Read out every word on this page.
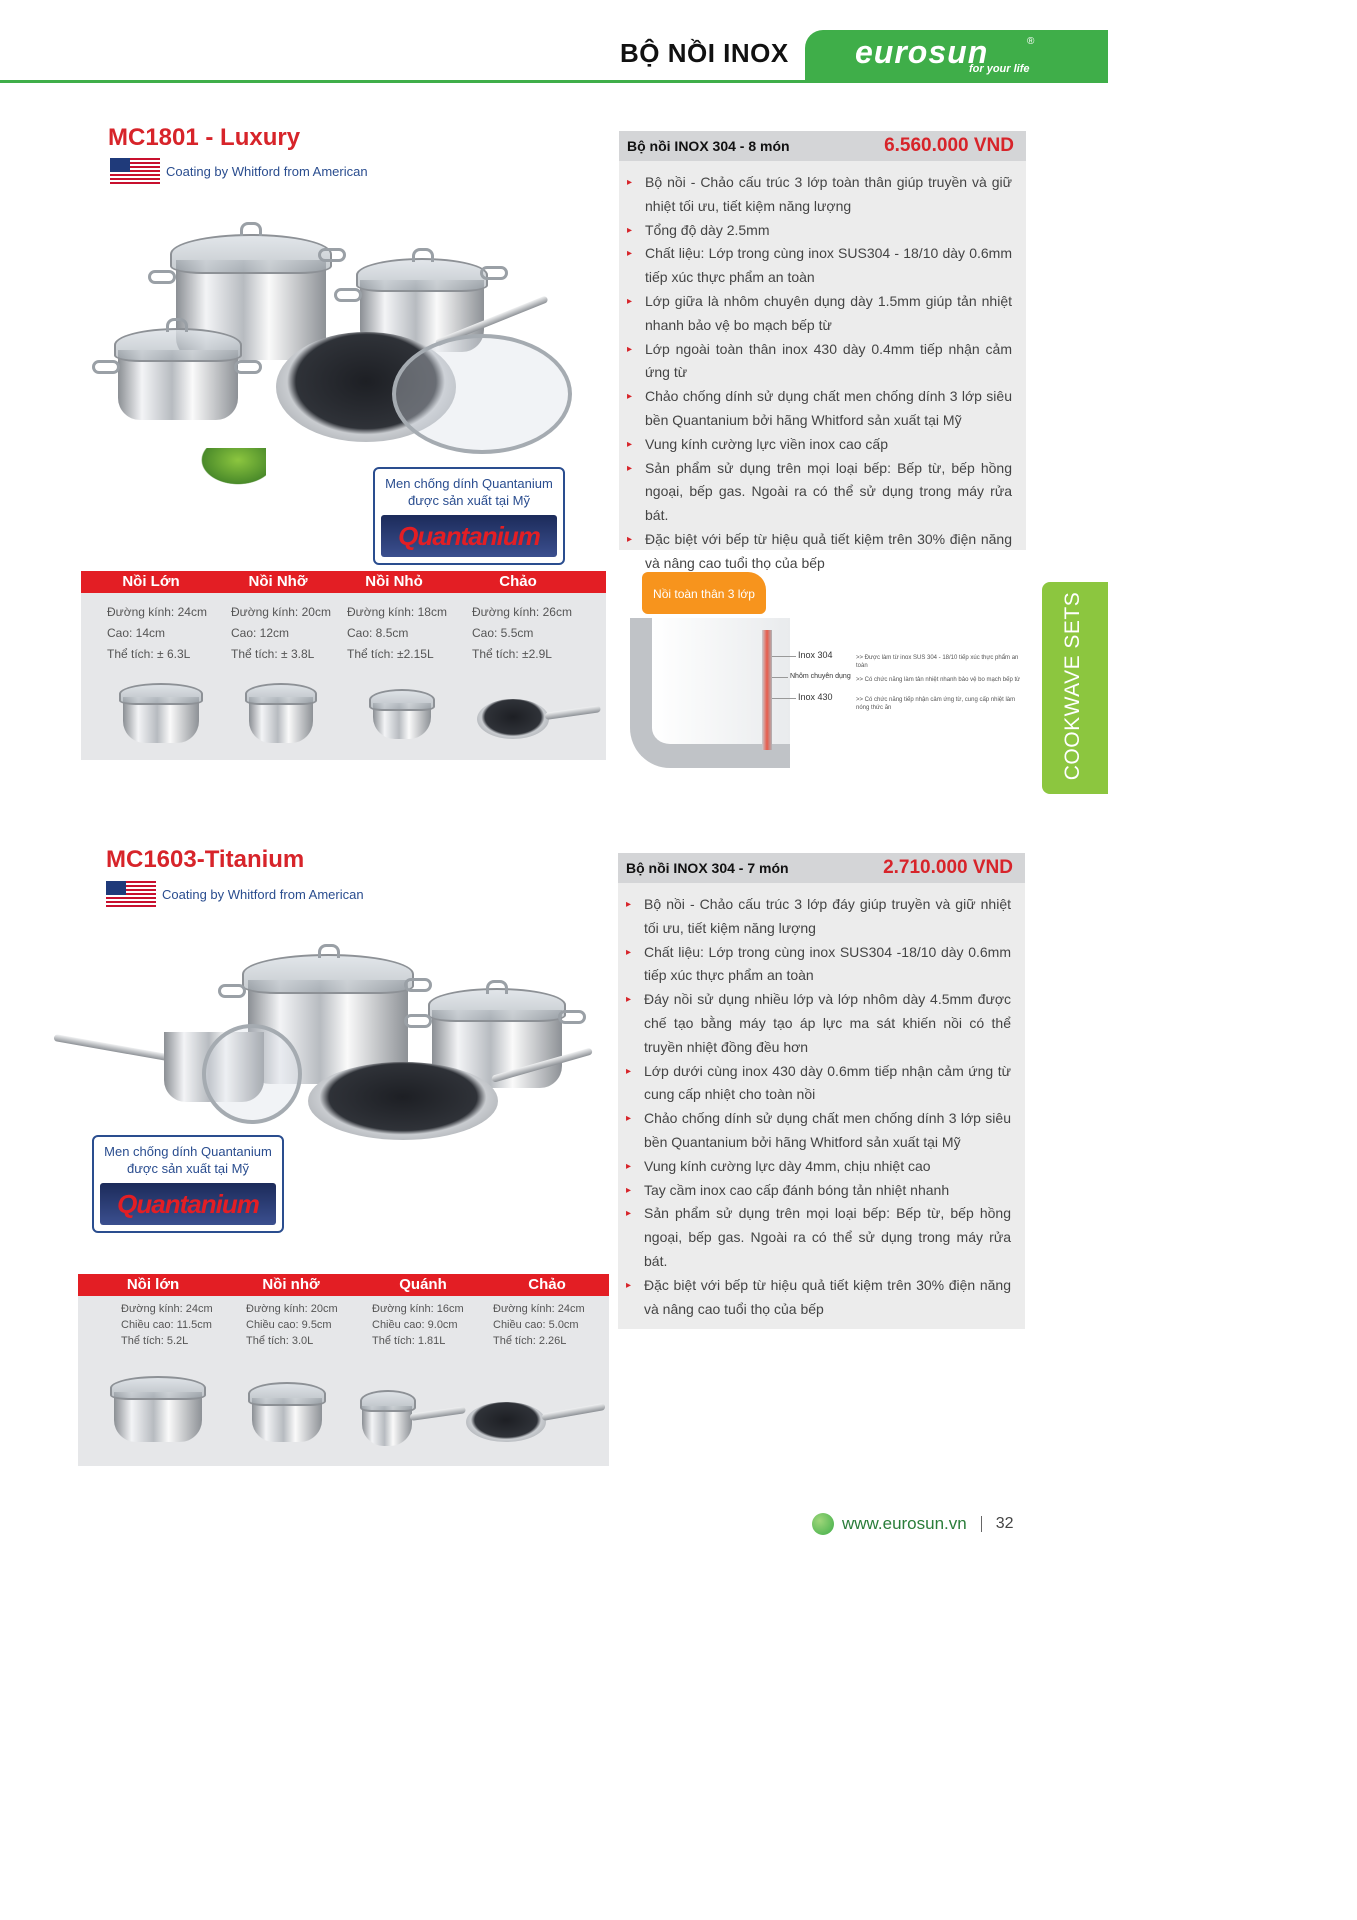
BỘ NỒI INOX	eurosun	®
for your life
COOKWAVE SETS
MC1801 - Luxury
Coating by Whitford from American
Men chống dính Quantanium
được sản xuất tại Mỹ
Quantanium
Nồi Lớn	Nồi Nhỡ	Nồi Nhỏ	Chảo
Đường kính: 24cm
Cao: 14cm
Thể tích: ± 6.3L
Đường kính: 20cm
Cao: 12cm
Thể tích: ± 3.8L
Đường kính: 18cm
Cao: 8.5cm
Thể tích: ±2.15L
Đường kính: 26cm
Cao: 5.5cm
Thể tích: ±2.9L
Bộ nồi INOX 304 - 8 món	6.560.000 VND
▸ Bộ nồi - Chảo cấu trúc 3 lớp toàn thân giúp truyền và giữ nhiệt tối ưu, tiết kiệm năng lượng
▸ Tổng độ dày 2.5mm
▸ Chất liệu: Lớp trong cùng inox SUS304 - 18/10 dày 0.6mm tiếp xúc thực phẩm an toàn
▸ Lớp giữa là nhôm chuyên dụng dày 1.5mm giúp tản nhiệt nhanh bảo vệ bo mạch bếp từ
▸ Lớp ngoài toàn thân inox 430 dày 0.4mm tiếp nhận cảm ứng từ
▸ Chảo chống dính sử dụng chất men chống dính 3 lớp siêu bền Quantanium bởi hãng Whitford sản xuất tại Mỹ
▸ Vung kính cường lực viền inox cao cấp
▸ Sản phẩm sử dụng trên mọi loại bếp: Bếp từ, bếp hồng ngoại, bếp gas. Ngoài ra có thể sử dụng trong máy rửa bát.
▸ Đặc biệt với bếp từ hiệu quả tiết kiệm trên 30% điện năng và nâng cao tuổi thọ của bếp
Nồi toàn thân 3 lớp
Inox 304
Nhôm chuyên dụng
Inox 430
>> Được làm từ inox SUS 304 - 18/10 tiếp xúc thực phẩm an toàn
>> Có chức năng làm tản nhiệt nhanh bảo vệ bo mạch bếp từ
>> Có chức năng tiếp nhận cảm ứng từ, cung cấp nhiệt làm nóng thức ăn
MC1603-Titanium
Coating by Whitford from American
Men chống dính Quantanium
được sản xuất tại Mỹ
Quantanium
Nồi lớn	Nồi nhỡ	Quánh	Chảo
Đường kính: 24cm
Chiều cao: 11.5cm
Thể tích: 5.2L
Đường kính: 20cm
Chiều cao: 9.5cm
Thể tích: 3.0L
Đường kính: 16cm
Chiều cao: 9.0cm
Thể tích: 1.81L
Đường kính: 24cm
Chiều cao: 5.0cm
Thể tích: 2.26L
Bộ nồi INOX 304 - 7 món	2.710.000 VND
▸ Bộ nồi - Chảo cấu trúc 3 lớp đáy giúp truyền và giữ nhiệt tối ưu, tiết kiệm năng lượng
▸ Chất liệu: Lớp trong cùng inox SUS304 -18/10 dày 0.6mm tiếp xúc thực phẩm an toàn
▸ Đáy nồi sử dụng nhiều lớp và lớp nhôm dày 4.5mm được chế tạo bằng máy tạo áp lực ma sát khiến nồi có thể truyền nhiệt đồng đều hơn
▸ Lớp dưới cùng inox 430 dày 0.6mm tiếp nhận cảm ứng từ cung cấp nhiệt cho toàn nồi
▸ Chảo chống dính sử dụng chất men chống dính 3 lớp siêu bền Quantanium bởi hãng Whitford sản xuất tại Mỹ
▸ Vung kính cường lực dày 4mm, chịu nhiệt cao
▸ Tay cầm inox cao cấp đánh bóng tản nhiệt nhanh
▸ Sản phẩm sử dụng trên mọi loại bếp: Bếp từ, bếp hồng ngoại, bếp gas. Ngoài ra có thể sử dụng trong máy rửa bát.
▸ Đặc biệt với bếp từ hiệu quả tiết kiệm trên 30% điện năng và nâng cao tuổi thọ của bếp
www.eurosun.vn 32
